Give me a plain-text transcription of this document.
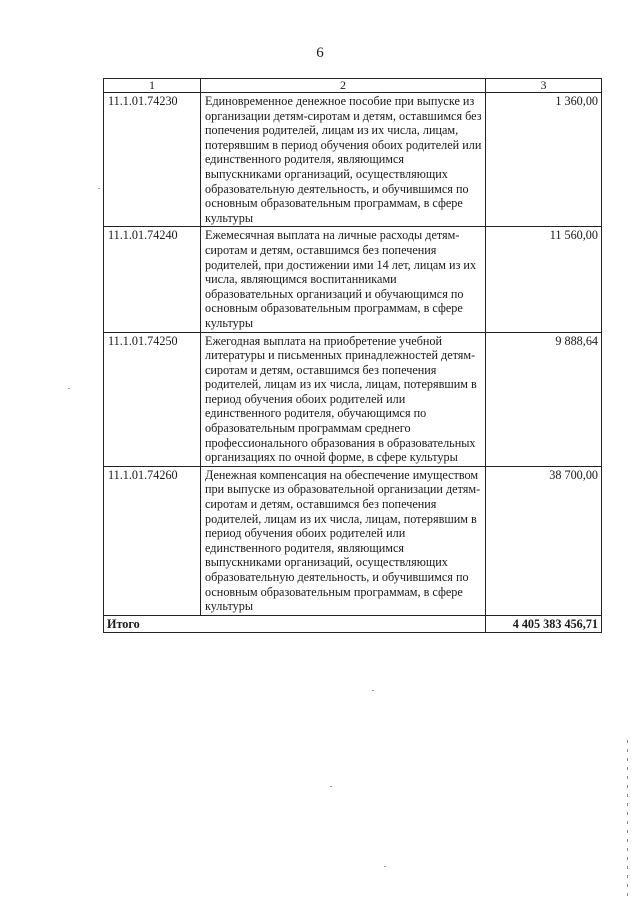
6
1	2	3
11.1.01.74230	Единовременное денежное пособие при выпуске из организации детям-сиротам и детям, оставшимся без попечения родителей, лицам из их числа, лицам, потерявшим в период обучения обоих родителей или единственного родителя, являющимся выпускниками организаций, осуществляющих образовательную деятельность, и обучившимся по основным образовательным программам, в сфере культуры	1 360,00
11.1.01.74240	Ежемесячная выплата на личные расходы детям-сиротам и детям, оставшимся без попечения родителей, при достижении ими 14 лет, лицам из их числа, являющимся воспитанниками образовательных организаций и обучающимся по основным образовательным программам, в сфере культуры	11 560,00
11.1.01.74250	Ежегодная выплата на приобретение учебной литературы и письменных принадлежностей детям-сиротам и детям, оставшимся без попечения родителей, лицам из их числа, лицам, потерявшим в период обучения обоих родителей или единственного родителя, обучающимся по образовательным программам среднего профессионального образования в образовательных организациях по очной форме, в сфере культуры	9 888,64
11.1.01.74260	Денежная компенсация на обеспечение имуществом при выпуске из образовательной организации детям-сиротам и детям, оставшимся без попечения родителей, лицам из их числа, лицам, потерявшим в период обучения обоих родителей или единственного родителя, являющимся выпускниками организаций, осуществляющих образовательную деятельность, и обучившимся по основным образовательным программам, в сфере культуры	38 700,00
Итого		4 405 383 456,71
